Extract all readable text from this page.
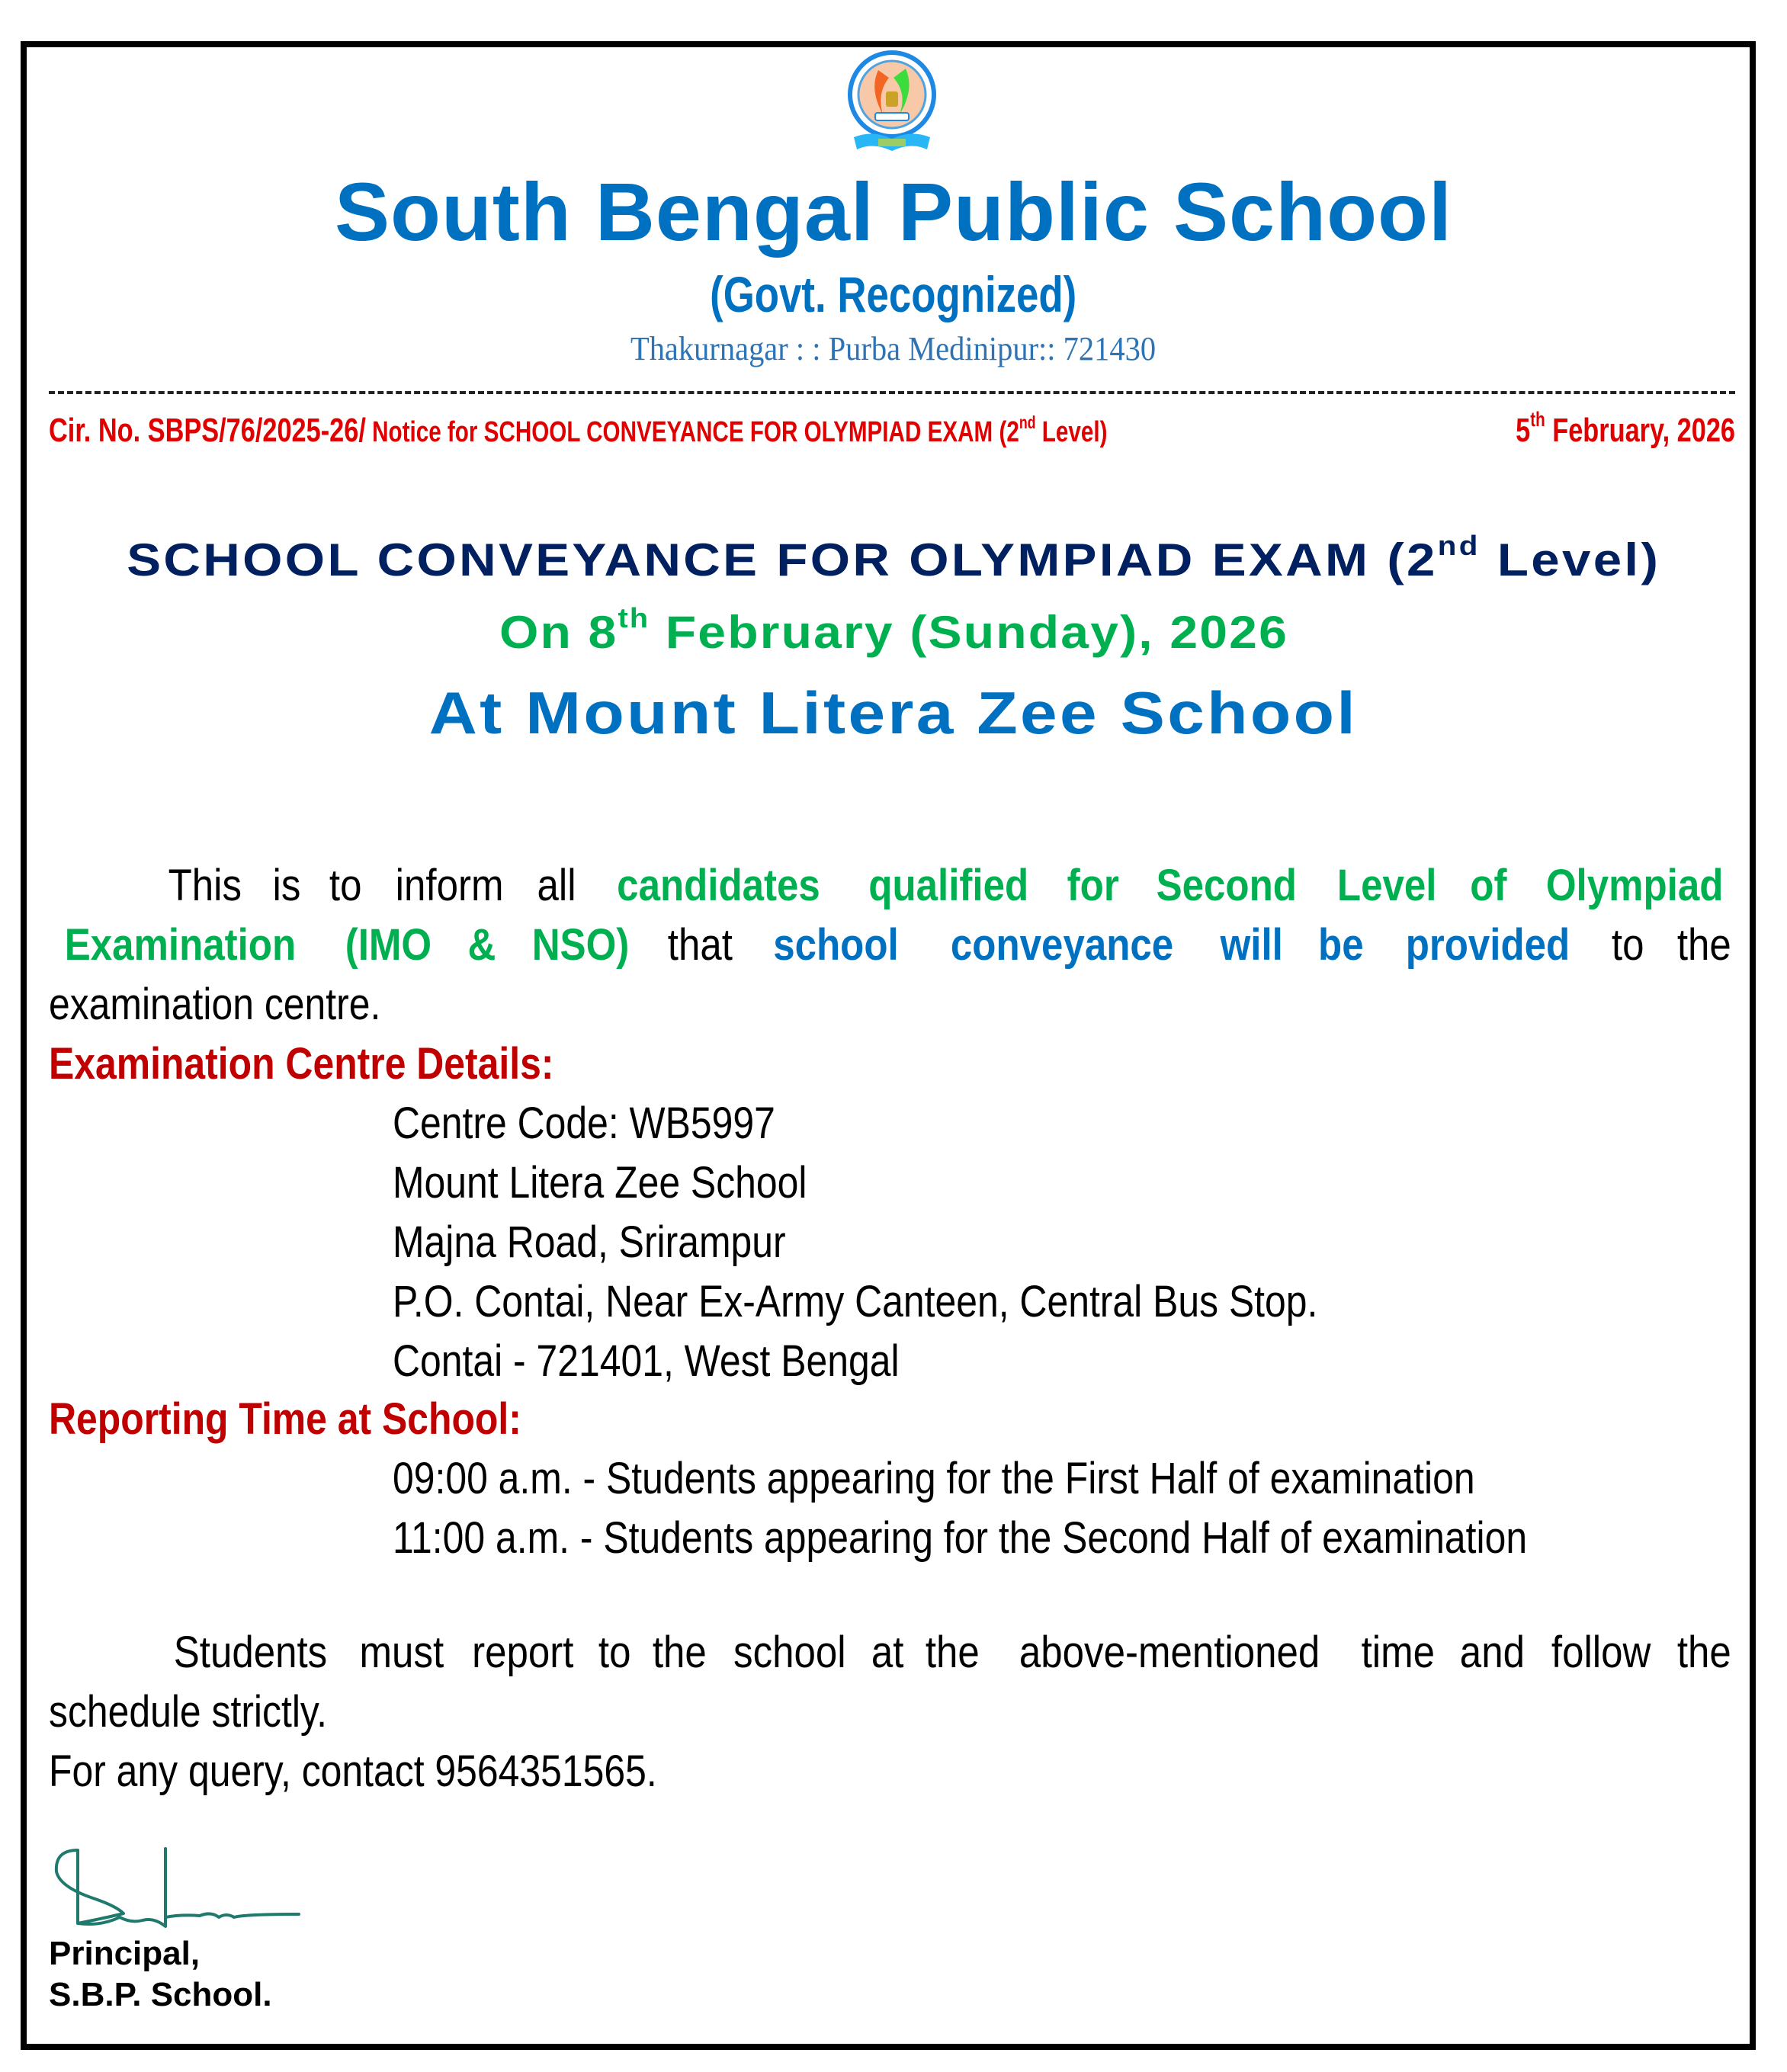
South Bengal Public School
(Govt. Recognized)
Thakurnagar : : Purba Medinipur:: 721430
Cir. No. SBPS/76/2025-26/ Notice for SCHOOL CONVEYANCE FOR OLYMPIAD EXAM (2nd Level)	5th February, 2026
SCHOOL CONVEYANCE FOR OLYMPIAD EXAM (2nd Level)
On 8th February (Sunday), 2026
At Mount Litera Zee School
This is to inform all candidates qualified for Second Level of Olympiad
Examination (IMO & NSO) that school conveyance will be provided to the
examination centre.
Examination Centre Details:
Centre Code: WB5997
Mount Litera Zee School
Majna Road, Srirampur
P.O. Contai, Near Ex-Army Canteen, Central Bus Stop.
Contai - 721401, West Bengal
Reporting Time at School:
09:00 a.m. - Students appearing for the First Half of examination
11:00 a.m. - Students appearing for the Second Half of examination
Students must report to the school at the above-mentioned time and follow the
schedule strictly.
For any query, contact 9564351565.
Principal,
S.B.P. School.
